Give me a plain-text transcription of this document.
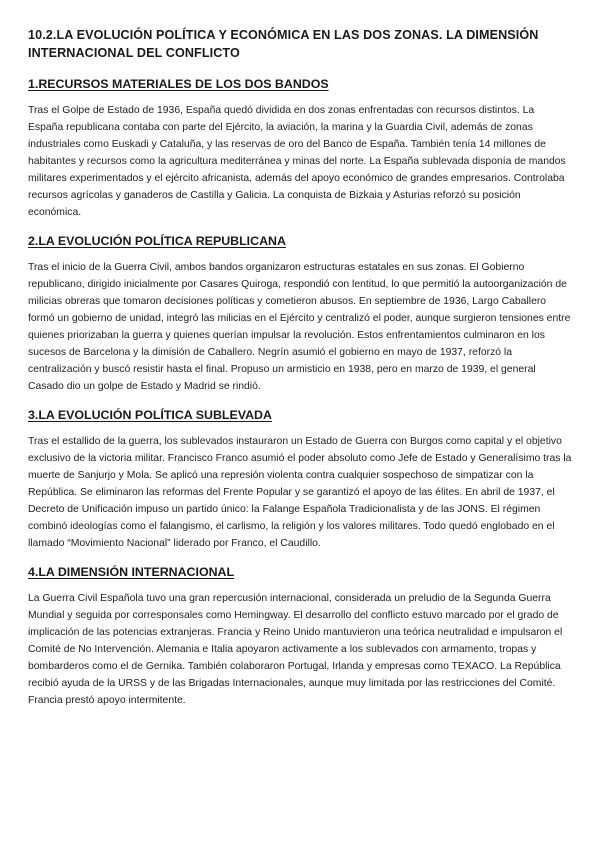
10.2.LA EVOLUCIÓN POLÍTICA Y ECONÓMICA EN LAS DOS ZONAS. LA DIMENSIÓN INTERNACIONAL DEL CONFLICTO
1.RECURSOS MATERIALES DE LOS DOS BANDOS

Tras el Golpe de Estado de 1936, España quedó dividida en dos zonas enfrentadas con recursos distintos. La España republicana contaba con parte del Ejército, la aviación, la marina y la Guardia Civil, además de zonas industriales como Euskadi y Cataluña, y las reservas de oro del Banco de España. También tenía 14 millones de habitantes y recursos como la agricultura mediterránea y minas del norte. La España sublevada disponía de mandos militares experimentados y el ejército africanista, además del apoyo económico de grandes empresarios. Controlaba recursos agrícolas y ganaderos de Castilla y Galicia. La conquista de Bizkaia y Asturias reforzó su posición económica.

2.LA EVOLUCIÓN POLÍTICA REPUBLICANA

Tras el inicio de la Guerra Civil, ambos bandos organizaron estructuras estatales en sus zonas. El Gobierno republicano, dirigido inicialmente por Casares Quiroga, respondió con lentitud, lo que permitió la autoorganización de milicias obreras que tomaron decisiones políticas y cometieron abusos. En septiembre de 1936, Largo Caballero formó un gobierno de unidad, integró las milicias en el Ejército y centralizó el poder, aunque surgieron tensiones entre quienes priorizaban la guerra y quienes querían impulsar la revolución. Estos enfrentamientos culminaron en los sucesos de Barcelona y la dimisión de Caballero. Negrín asumió el gobierno en mayo de 1937, reforzó la centralización y buscó resistir hasta el final. Propuso un armisticio en 1938, pero en marzo de 1939, el general Casado dio un golpe de Estado y Madrid se rindió.

3.LA EVOLUCIÓN POLÍTICA SUBLEVADA

Tras el estallido de la guerra, los sublevados instauraron un Estado de Guerra con Burgos como capital y el objetivo exclusivo de la victoria militar. Francisco Franco asumió el poder absoluto como Jefe de Estado y Generalísimo tras la muerte de Sanjurjo y Mola. Se aplicó una represión violenta contra cualquier sospechoso de simpatizar con la República. Se eliminaron las reformas del Frente Popular y se garantizó el apoyo de las élites. En abril de 1937, el Decreto de Unificación impuso un partido único: la Falange Española Tradicionalista y de las JONS. El régimen combinó ideologías como el falangismo, el carlismo, la religión y los valores militares. Todo quedó englobado en el llamado “Movimiento Nacional” liderado por Franco, el Caudillo.

4.LA DIMENSIÓN INTERNACIONAL

La Guerra Civil Española tuvo una gran repercusión internacional, considerada un preludio de la Segunda Guerra Mundial y seguida por corresponsales como Hemingway. El desarrollo del conflicto estuvo marcado por el grado de implicación de las potencias extranjeras. Francia y Reino Unido mantuvieron una teórica neutralidad e impulsaron el Comité de No Intervención. Alemania e Italia apoyaron activamente a los sublevados con armamento, tropas y bombarderos como el de Gernika. También colaboraron Portugal, Irlanda y empresas como TEXACO. La República recibió ayuda de la URSS y de las Brigadas Internacionales, aunque muy limitada por las restricciones del Comité. Francia prestó apoyo intermitente.
